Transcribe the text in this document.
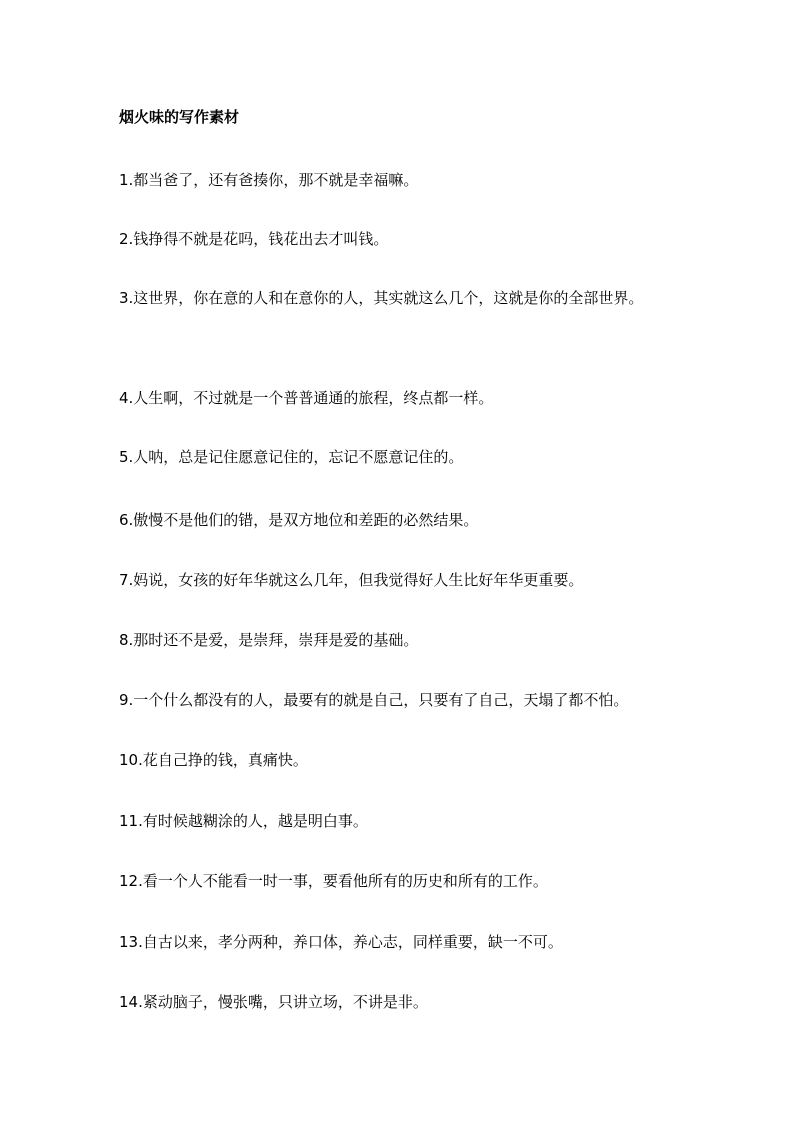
烟火味的写作素材

1.都当爸了，还有爸揍你，那不就是幸福嘛。

2.钱挣得不就是花吗，钱花出去才叫钱。

3.这世界，你在意的人和在意你的人，其实就这么几个，这就是你的全部世界。

4.人生啊，不过就是一个普普通通的旅程，终点都一样。

5.人呐，总是记住愿意记住的，忘记不愿意记住的。

6.傲慢不是他们的错，是双方地位和差距的必然结果。

7.妈说，女孩的好年华就这么几年，但我觉得好人生比好年华更重要。

8.那时还不是爱，是崇拜，崇拜是爱的基础。

9.一个什么都没有的人，最要有的就是自己，只要有了自己，天塌了都不怕。

10.花自己挣的钱，真痛快。

11.有时候越糊涂的人，越是明白事。

12.看一个人不能看一时一事，要看他所有的历史和所有的工作。

13.自古以来，孝分两种，养口体，养心志，同样重要，缺一不可。

14.紧动脑子，慢张嘴，只讲立场，不讲是非。
